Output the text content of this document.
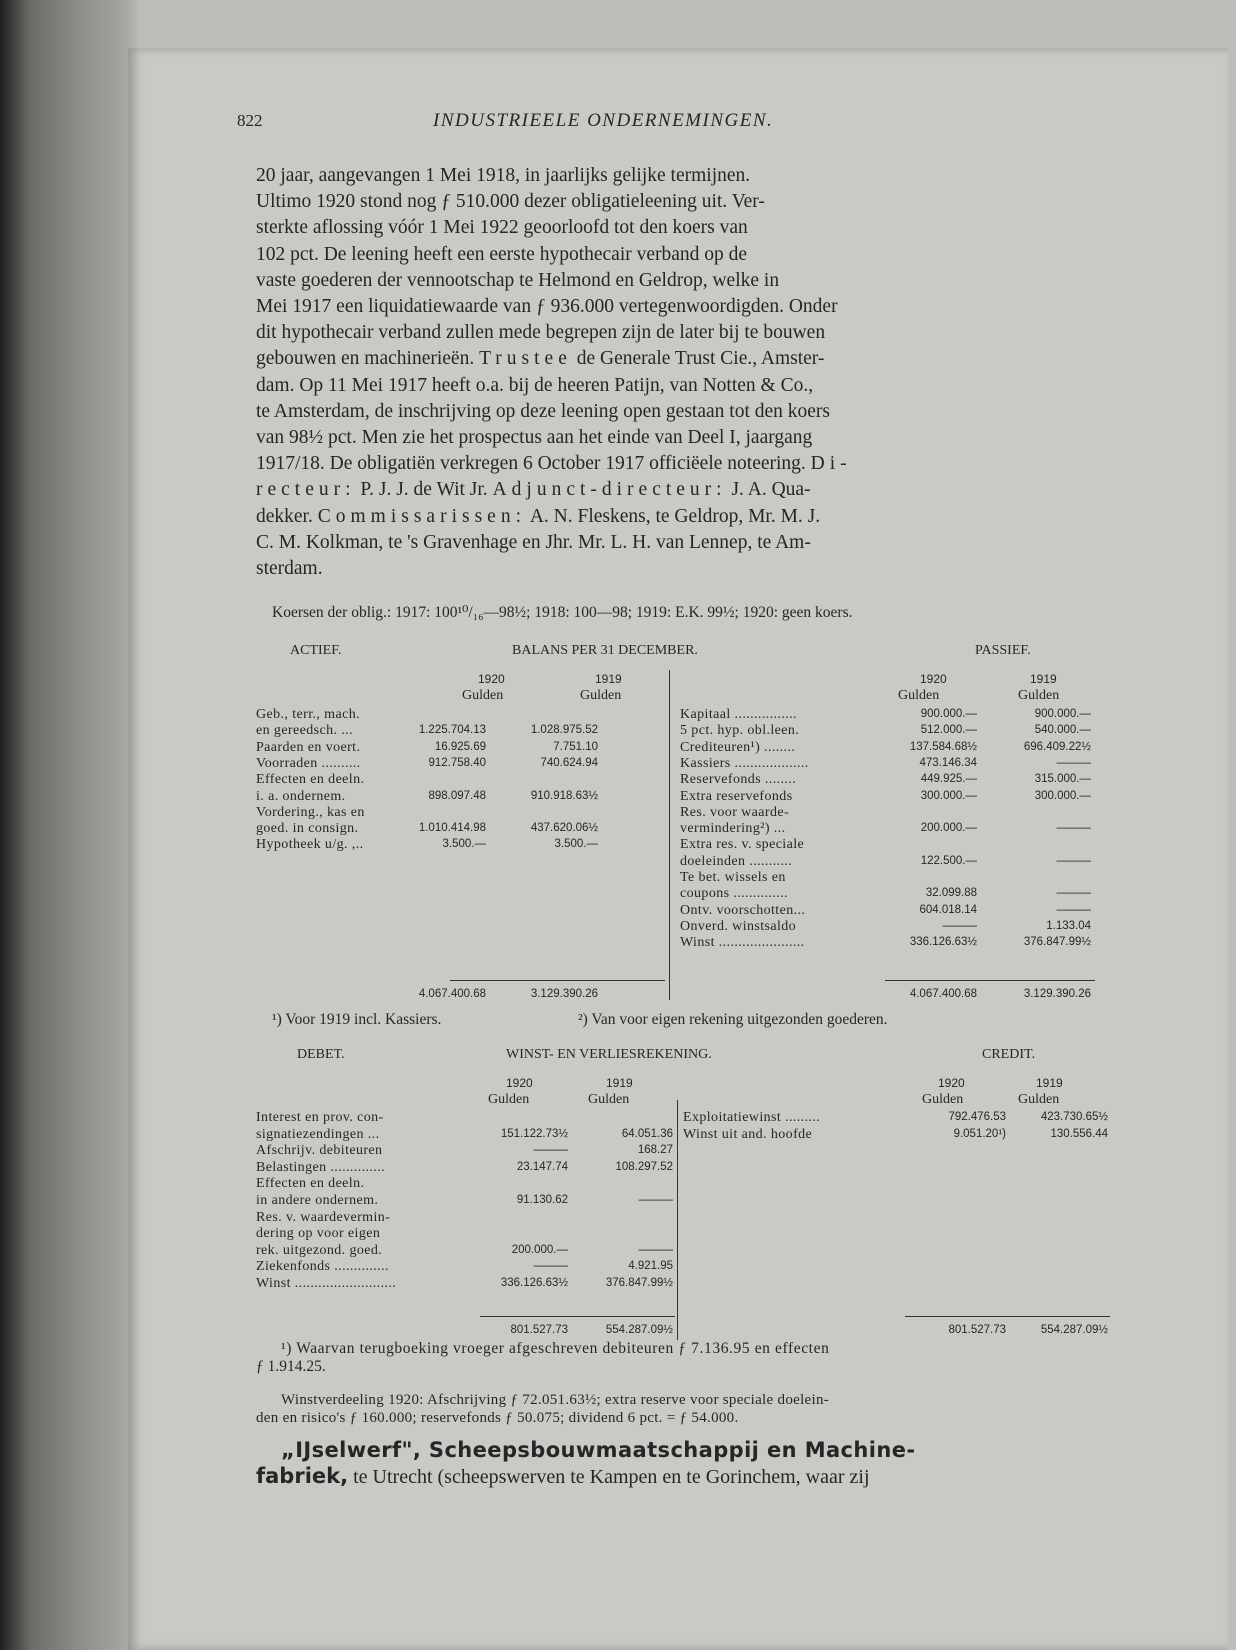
822	INDUSTRIEELE ONDERNEMINGEN.

20 jaar, aangevangen 1 Mei 1918, in jaarlijks gelijke termijnen.

Ultimo 1920 stond nog ƒ 510.000 dezer obligatieleening uit. Ver-

sterkte aflossing vóór 1 Mei 1922 geoorloofd tot den koers van

102 pct. De leening heeft een eerste hypothecair verband op de

vaste goederen der vennootschap te Helmond en Geldrop, welke in

Mei 1917 een liquidatiewaarde van ƒ 936.000 vertegenwoordigden. Onder

dit hypothecair verband zullen mede begrepen zijn de later bij te bouwen

gebouwen en machinerieën. Trustee de Generale Trust Cie., Amster-

dam. Op 11 Mei 1917 heeft o.a. bij de heeren Patijn, van Notten & Co.,

te Amsterdam, de inschrijving op deze leening open gestaan tot den koers

van 98½ pct. Men zie het prospectus aan het einde van Deel I, jaargang

1917/18. De obligatiën verkregen 6 October 1917 officiëele noteering. Di-

recteur: P. J. J. de Wit Jr. Adjunct-directeur: J. A. Qua-

dekker. Commissarissen: A. N. Fleskens, te Geldrop, Mr. M. J.

C. M. Kolkman, te 's Gravenhage en Jhr. Mr. L. H. van Lennep, te Am-

sterdam.

Koersen der oblig.: 1917: 100¹⁰/₁₆—98½; 1918: 100—98; 1919: E.K. 99½; 1920: geen koers.
ACTIEF.	BALANS PER 31 DECEMBER.	PASSIEF.
1920	1919
Gulden	Gulden
1920	1919
Gulden	Gulden
Geb., terr., mach.
en gereedsch. ...	1.225.704.13	1.028.975.52
Paarden en voert.	16.925.69	7.751.10
Voorraden ..........	912.758.40	740.624.94
Effecten en deeln.
i. a. ondernem.	898.097.48	910.918.63½
Vordering., kas en
goed. in consign.	1.010.414.98	437.620.06½
Hypotheek u/g. ,..	3.500.—	3.500.—
Kapitaal ................	900.000.—	900.000.—
5 pct. hyp. obl.leen.	512.000.—	540.000.—
Crediteuren¹) ........	137.584.68½	696.409.22½
Kassiers ...................	473.146.34	———
Reservefonds ........	449.925.—	315.000.—
Extra reservefonds	300.000.—	300.000.—
Res. voor waarde-
vermindering²) ...	200.000.—	———
Extra res. v. speciale
doeleinden ...........	122.500.—	———
Te bet. wissels en
coupons ..............	32.099.88	———
Ontv. voorschotten...	604.018.14	———
Onverd. winstsaldo	———	1.133.04
Winst ......................	336.126.63½	376.847.99½
4.067.400.68	3.129.390.26	4.067.400.68	3.129.390.26
¹) Voor 1919 incl. Kassiers.	²) Van voor eigen rekening uitgezonden goederen.
DEBET.	WINST- EN VERLIESREKENING.	CREDIT.
1920	1919
Gulden	Gulden
1920	1919
Gulden	Gulden
Interest en prov. con-
signatiezendingen ...	151.122.73½	64.051.36
Afschrijv. debiteuren	———	168.27
Belastingen ..............	23.147.74	108.297.52
Effecten en deeln.
in andere ondernem.	91.130.62	———
Res. v. waardevermin-
dering op voor eigen
rek. uitgezond. goed.	200.000.—	———
Ziekenfonds ..............	———	4.921.95
Winst ..........................	336.126.63½	376.847.99½
Exploitatiewinst .........	792.476.53	423.730.65½
Winst uit and. hoofde	9.051.20¹)	130.556.44
801.527.73	554.287.09½	801.527.73	554.287.09½
¹) Waarvan terugboeking vroeger afgeschreven debiteuren ƒ 7.136.95 en effecten
ƒ 1.914.25.
Winstverdeeling 1920: Afschrijving ƒ 72.051.63½; extra reserve voor speciale doelein-
den en risico's ƒ 160.000; reservefonds ƒ 50.075; dividend 6 pct. = ƒ 54.000.
„IJselwerf", Scheepsbouwmaatschappij en Machine-
fabriek, te Utrecht (scheepswerven te Kampen en te Gorinchem, waar zij
